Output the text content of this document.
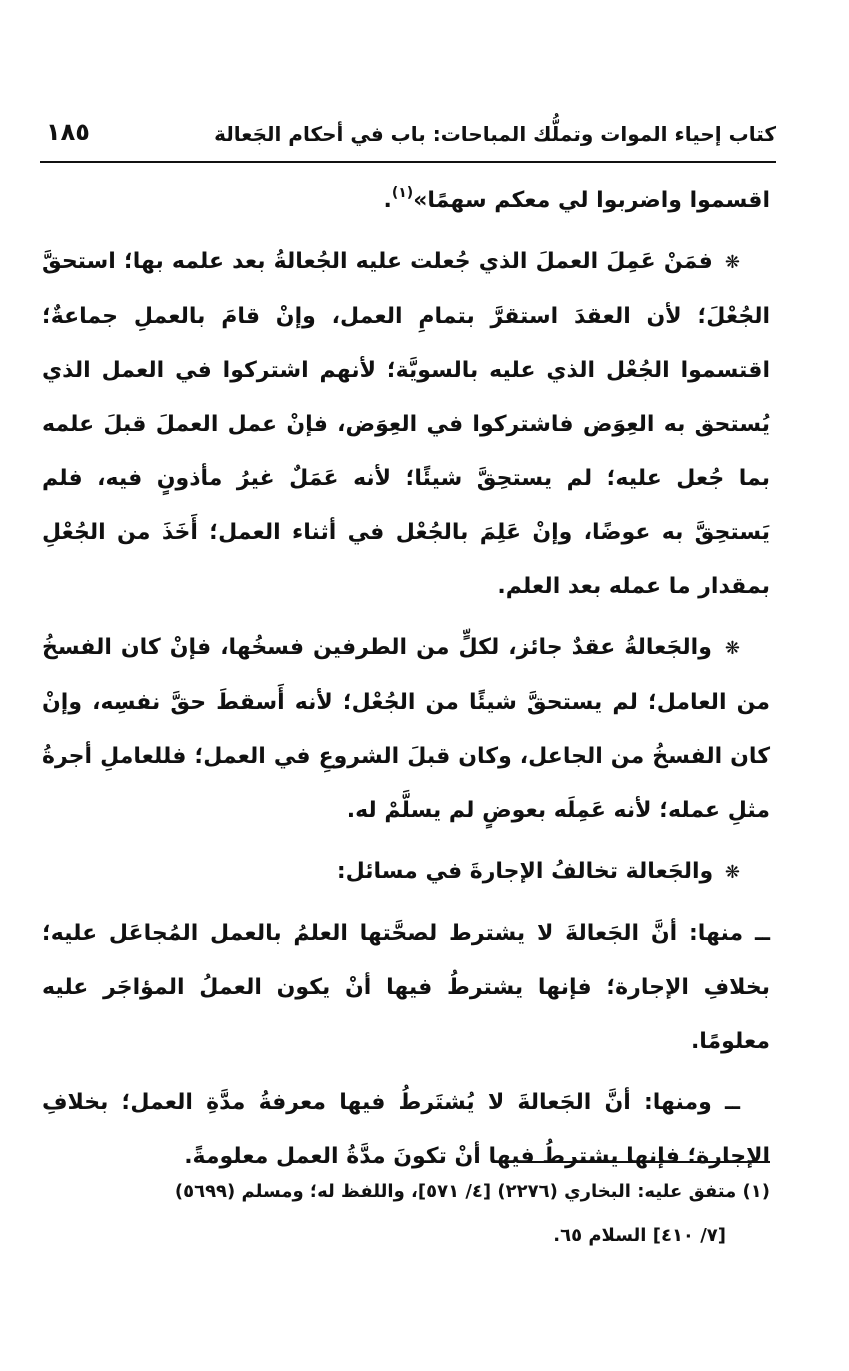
كتاب إحياء الموات وتملُّك المباحات: باب في أحكام الجَعالة
١٨٥

اقسموا واضربوا لي معكم سهمًا»$^{(١)}$.

❋ فمَنْ عَمِلَ العملَ الذي جُعلت عليه الجُعالةُ بعد علمه بها؛ استحقَّ الجُعْلَ؛ لأن العقدَ استقرَّ بتمامِ العمل، وإنْ قامَ بالعملِ جماعةٌ؛ اقتسموا الجُعْل الذي عليه بالسويَّة؛ لأنهم اشتركوا في العمل الذي يُستحق به العِوَض فاشتركوا في العِوَض، فإنْ عمل العملَ قبلَ علمه بما جُعل عليه؛ لم يستحِقَّ شيئًا؛ لأنه عَمَلٌ غيرُ مأذونٍ فيه، فلم يَستحِقَّ به عوضًا، وإنْ عَلِمَ بالجُعْل في أثناء العمل؛ أَخَذَ من الجُعْلِ بمقدار ما عمله بعد العلم.

❋ والجَعالةُ عقدٌ جائز، لكلٍّ من الطرفين فسخُها، فإنْ كان الفسخُ من العامل؛ لم يستحقَّ شيئًا من الجُعْل؛ لأنه أَسقطَ حقَّ نفسِه، وإنْ كان الفسخُ من الجاعل، وكان قبلَ الشروعِ في العمل؛ فللعاملِ أجرةُ مثلِ عمله؛ لأنه عَمِلَه بعوضٍ لم يسلَّمْ له.

❋ والجَعالة تخالفُ الإجارةَ في مسائل:

ــ منها: أنَّ الجَعالةَ لا يشترط لصحَّتها العلمُ بالعمل المُجاعَل عليه؛ بخلافِ الإجارة؛ فإنها يشترطُ فيها أنْ يكون العملُ المؤاجَر عليه معلومًا.

ــ ومنها: أنَّ الجَعالةَ لا يُشتَرطُ فيها معرفةُ مدَّةِ العمل؛ بخلافِ الإجارة؛ فإنها يشترطُ فيها أنْ تكونَ مدَّةُ العمل معلومةً.

(١) متفق عليه: البخاري (٢٢٧٦) [٤/ ٥٧١]، واللفظ له؛ ومسلم (٥٦٩٩)

[٧/ ٤١٠] السلام ٦٥.
